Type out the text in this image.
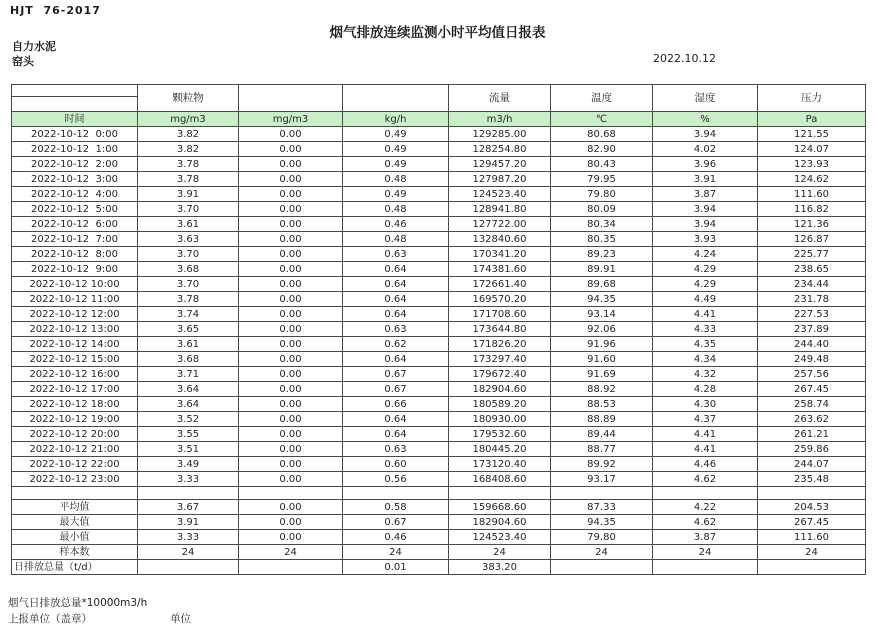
HJT  76-2017
烟气排放连续监测小时平均值日报表
自力水泥
窑头	2022.10.12
	颗粒物			流量	温度	湿度	压力

时间	mg/m3	mg/m3	kg/h	m3/h	℃	%	Pa
2022-10-12  0:00	3.82	0.00	0.49	129285.00	80.68	3.94	121.55
2022-10-12  1:00	3.82	0.00	0.49	128254.80	82.90	4.02	124.07
2022-10-12  2:00	3.78	0.00	0.49	129457.20	80.43	3.96	123.93
2022-10-12  3:00	3.78	0.00	0.48	127987.20	79.95	3.91	124.62
2022-10-12  4:00	3.91	0.00	0.49	124523.40	79.80	3.87	111.60
2022-10-12  5:00	3.70	0.00	0.48	128941.80	80.09	3.94	116.82
2022-10-12  6:00	3.61	0.00	0.46	127722.00	80.34	3.94	121.36
2022-10-12  7:00	3.63	0.00	0.48	132840.60	80.35	3.93	126.87
2022-10-12  8:00	3.70	0.00	0.63	170341.20	89.23	4.24	225.77
2022-10-12  9:00	3.68	0.00	0.64	174381.60	89.91	4.29	238.65
2022-10-12 10:00	3.70	0.00	0.64	172661.40	89.68	4.29	234.44
2022-10-12 11:00	3.78	0.00	0.64	169570.20	94.35	4.49	231.78
2022-10-12 12:00	3.74	0.00	0.64	171708.60	93.14	4.41	227.53
2022-10-12 13:00	3.65	0.00	0.63	173644.80	92.06	4.33	237.89
2022-10-12 14:00	3.61	0.00	0.62	171826.20	91.96	4.35	244.40
2022-10-12 15:00	3.68	0.00	0.64	173297.40	91.60	4.34	249.48
2022-10-12 16:00	3.71	0.00	0.67	179672.40	91.69	4.32	257.56
2022-10-12 17:00	3.64	0.00	0.67	182904.60	88.92	4.28	267.45
2022-10-12 18:00	3.64	0.00	0.66	180589.20	88.53	4.30	258.74
2022-10-12 19:00	3.52	0.00	0.64	180930.00	88.89	4.37	263.62
2022-10-12 20:00	3.55	0.00	0.64	179532.60	89.44	4.41	261.21
2022-10-12 21:00	3.51	0.00	0.63	180445.20	88.77	4.41	259.86
2022-10-12 22:00	3.49	0.00	0.60	173120.40	89.92	4.46	244.07
2022-10-12 23:00	3.33	0.00	0.56	168408.60	93.17	4.62	235.48

平均值	3.67	0.00	0.58	159668.60	87.33	4.22	204.53
最大值	3.91	0.00	0.67	182904.60	94.35	4.62	267.45
最小值	3.33	0.00	0.46	124523.40	79.80	3.87	111.60
样本数	24	24	24	24	24	24	24
日排放总量（t/d）			0.01	383.20			
烟气日排放总量*10000m3/h
上报单位（盖章）	单位
